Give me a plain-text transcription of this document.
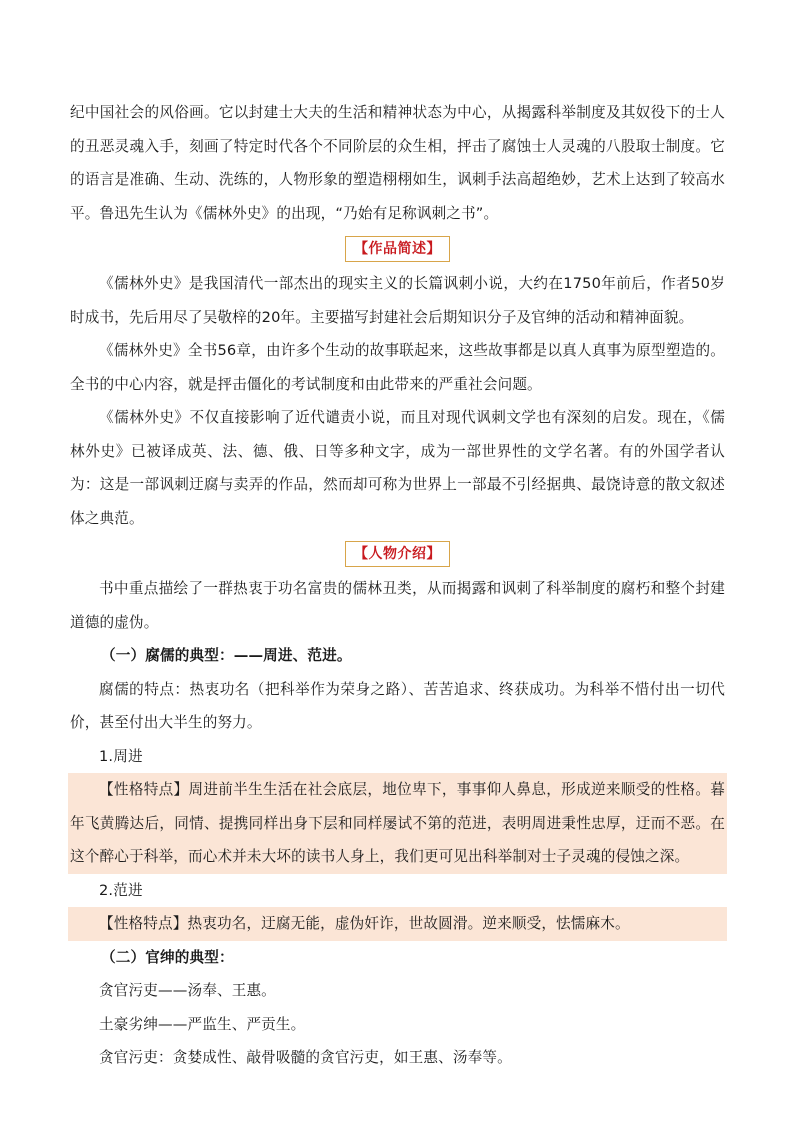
纪中国社会的风俗画。它以封建士大夫的生活和精神状态为中心，从揭露科举制度及其奴役下的士人的丑恶灵魂入手，刻画了特定时代各个不同阶层的众生相，抨击了腐蚀士人灵魂的八股取士制度。它的语言是准确、生动、洗练的，人物形象的塑造栩栩如生，讽刺手法高超绝妙，艺术上达到了较高水平。鲁迅先生认为《儒林外史》的出现，“乃始有足称讽刺之书”。

【作品简述】

《儒林外史》是我国清代一部杰出的现实主义的长篇讽刺小说，大约在1750年前后，作者50岁时成书，先后用尽了吴敬梓的20年。主要描写封建社会后期知识分子及官绅的活动和精神面貌。

《儒林外史》全书56章，由许多个生动的故事联起来，这些故事都是以真人真事为原型塑造的。全书的中心内容，就是抨击僵化的考试制度和由此带来的严重社会问题。

《儒林外史》不仅直接影响了近代谴责小说，而且对现代讽刺文学也有深刻的启发。现在，《儒林外史》已被译成英、法、德、俄、日等多种文字，成为一部世界性的文学名著。有的外国学者认为：这是一部讽刺迂腐与卖弄的作品，然而却可称为世界上一部最不引经据典、最饶诗意的散文叙述体之典范。

【人物介绍】

书中重点描绘了一群热衷于功名富贵的儒林丑类，从而揭露和讽刺了科举制度的腐朽和整个封建道德的虚伪。

（一）腐儒的典型：——周进、范进。

腐儒的特点：热衷功名（把科举作为荣身之路）、苦苦追求、终获成功。为科举不惜付出一切代价，甚至付出大半生的努力。

1.周进

【性格特点】周进前半生生活在社会底层，地位卑下，事事仰人鼻息，形成逆来顺受的性格。暮年飞黄腾达后，同情、提携同样出身下层和同样屡试不第的范进，表明周进秉性忠厚，迂而不恶。在这个醉心于科举，而心术并未大坏的读书人身上，我们更可见出科举制对士子灵魂的侵蚀之深。

2.范进

【性格特点】热衷功名，迂腐无能，虚伪奸诈，世故圆滑。逆来顺受，怯懦麻木。

（二）官绅的典型：

贪官污吏——汤奉、王惠。

土豪劣绅——严监生、严贡生。

贪官污吏：贪婪成性、敲骨吸髓的贪官污吏，如王惠、汤奉等。
